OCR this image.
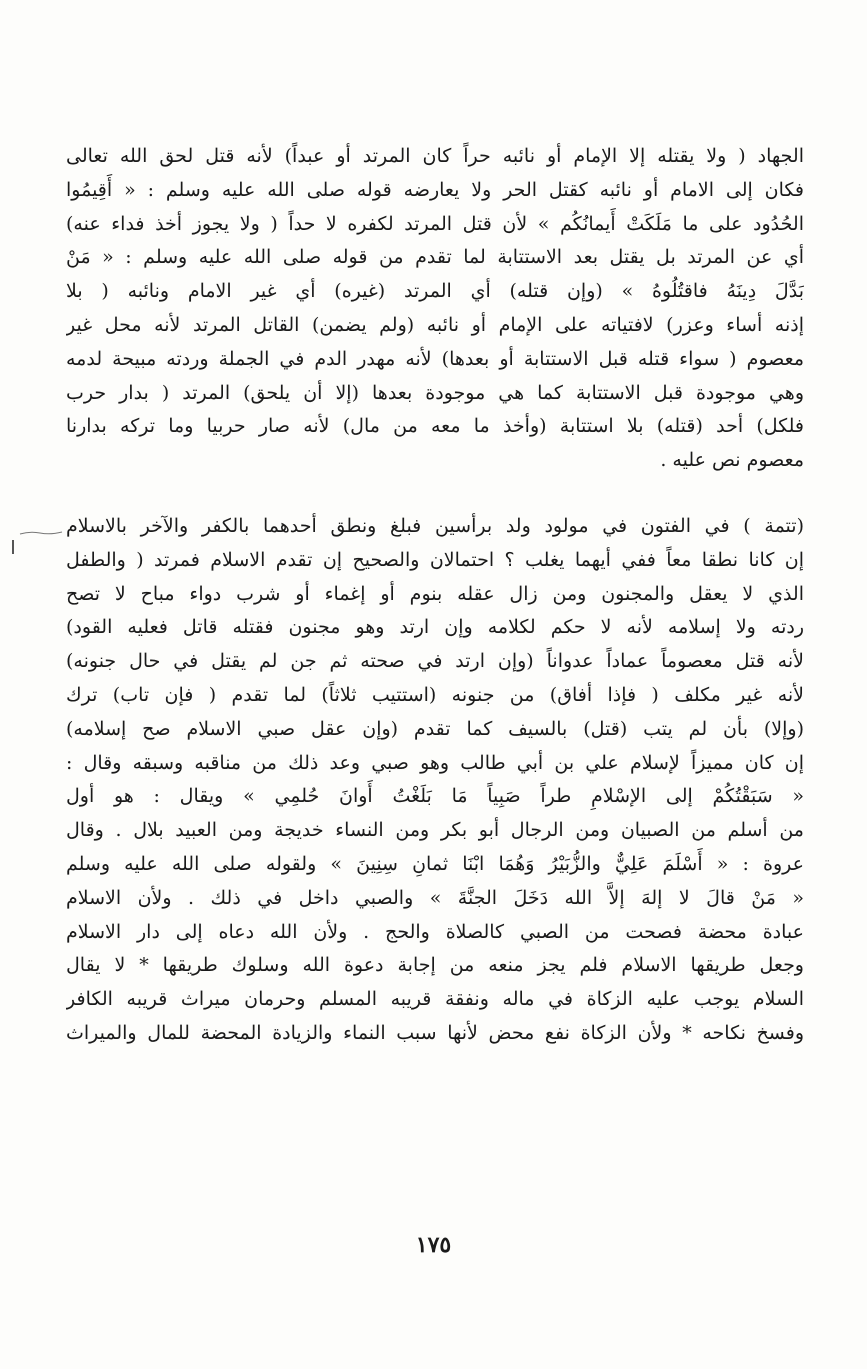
الجهاد ( ولا يقتله إلا الإمام أو نائبه حراً كان المرتد أو عبداً) لأنه قتل لحق الله تعالى
فكان إلى الامام أو نائبه كقتل الحر ولا يعارضه قوله صلى الله عليه وسلم : « أَقِيمُوا
الحُدُود على ما مَلَكَتْ أَيمانُكُم » لأن قتل المرتد لكفره لا حداً ( ولا يجوز أخذ فداء عنه)
أي عن المرتد بل يقتل بعد الاستتابة لما تقدم من قوله صلى الله عليه وسلم : « مَنْ
بَدَّلَ دِينَهُ فاقتُلُوهُ » (وإن قتله) أي المرتد (غيره) أي غير الامام ونائبه ( بلا
إذنه أساء وعزر) لافتياته على الإمام أو نائبه (ولم يضمن) القاتل المرتد لأنه محل غير
معصوم ( سواء قتله قبل الاستتابة أو بعدها) لأنه مهدر الدم في الجملة وردته مبيحة لدمه
وهي موجودة قبل الاستتابة كما هي موجودة بعدها (إلا أن يلحق) المرتد ( بدار حرب
فلكل) أحد (قتله) بلا استتابة (وأخذ ما معه من مال) لأنه صار حربيا وما تركه بدارنا
معصوم نص عليه .
(تتمة ) في الفتون في مولود ولد برأسين فبلغ ونطق أحدهما بالكفر والآخر بالاسلام
إن كانا نطقا معاً ففي أيهما يغلب ؟ احتمالان والصحيح إن تقدم الاسلام فمرتد ( والطفل
الذي لا يعقل والمجنون ومن زال عقله بنوم أو إغماء أو شرب دواء مباح لا تصح
ردته ولا إسلامه لأنه لا حكم لكلامه وإن ارتد وهو مجنون فقتله قاتل فعليه القود)
لأنه قتل معصوماً عماداً عدواناً (وإن ارتد في صحته ثم جن لم يقتل في حال جنونه)
لأنه غير مكلف ( فإذا أفاق) من جنونه (استتيب ثلاثاً) لما تقدم ( فإن تاب) ترك
(وإلا) بأن لم يتب (قتل) بالسيف كما تقدم (وإن عقل صبي الاسلام صح إسلامه)
إن كان مميزاً لإسلام علي بن أبي طالب وهو صبي وعد ذلك من مناقبه وسبقه وقال :
« سَبَقْتُكُمْ إلى الإسْلامِ طراً صَبِياً مَا بَلَغْتُ أَوانَ حُلمِي » ويقال : هو أول
من أسلم من الصبيان ومن الرجال أبو بكر ومن النساء خديجة ومن العبيد بلال . وقال
عروة : « أَسْلَمَ عَلِيٌّ والزُّبَيْرُ وَهُمَا ابْنَا ثمانِ سِنِينَ » ولقوله صلى الله عليه وسلم
« مَنْ قالَ لا إلهَ إلاَّ الله دَخَلَ الجنَّةَ » والصبي داخل في ذلك . ولأن الاسلام
عبادة محضة فصحت من الصبي كالصلاة والحج . ولأن الله دعاه إلى دار الاسلام
وجعل طريقها الاسلام فلم يجز منعه من إجابة دعوة الله وسلوك طريقها * لا يقال
السلام يوجب عليه الزكاة في ماله ونفقة قريبه المسلم وحرمان ميراث قريبه الكافر
وفسخ نكاحه * ولأن الزكاة نفع محض لأنها سبب النماء والزيادة المحضة للمال والميراث
١٧٥
